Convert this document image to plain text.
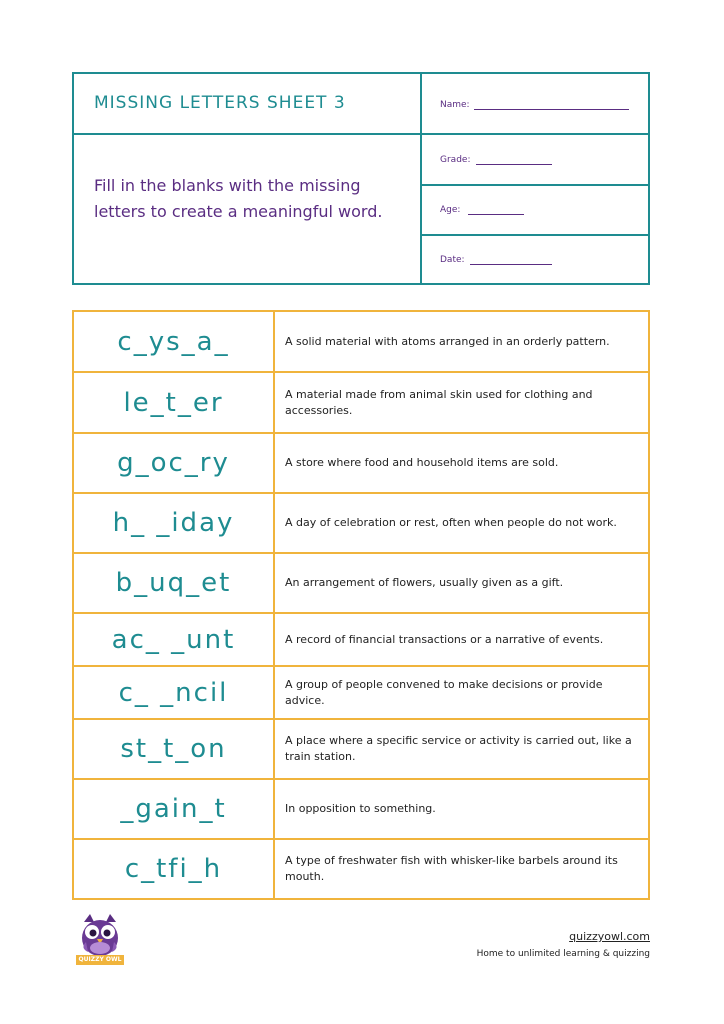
MISSING LETTERS SHEET 3
Fill in the blanks with the missing letters to create a meaningful word.
Name:
Grade:
Age:
Date:
c_ys_a_	A solid material with atoms arranged in an orderly pattern.
le_t_er	A material made from animal skin used for clothing and accessories.
g_oc_ry	A store where food and household items are sold.
h_ _iday	A day of celebration or rest, often when people do not work.
b_uq_et	An arrangement of flowers, usually given as a gift.
ac_ _unt	A record of financial transactions or a narrative of events.
c_ _ncil	A group of people convened to make decisions or provide advice.
st_t_on	A place where a specific service or activity is carried out, like a train station.
_gain_t	In opposition to something.
c_tfi_h	A type of freshwater fish with whisker-like barbels around its mouth.
QUIZZY OWL
quizzyowl.com
Home to unlimited learning & quizzing
